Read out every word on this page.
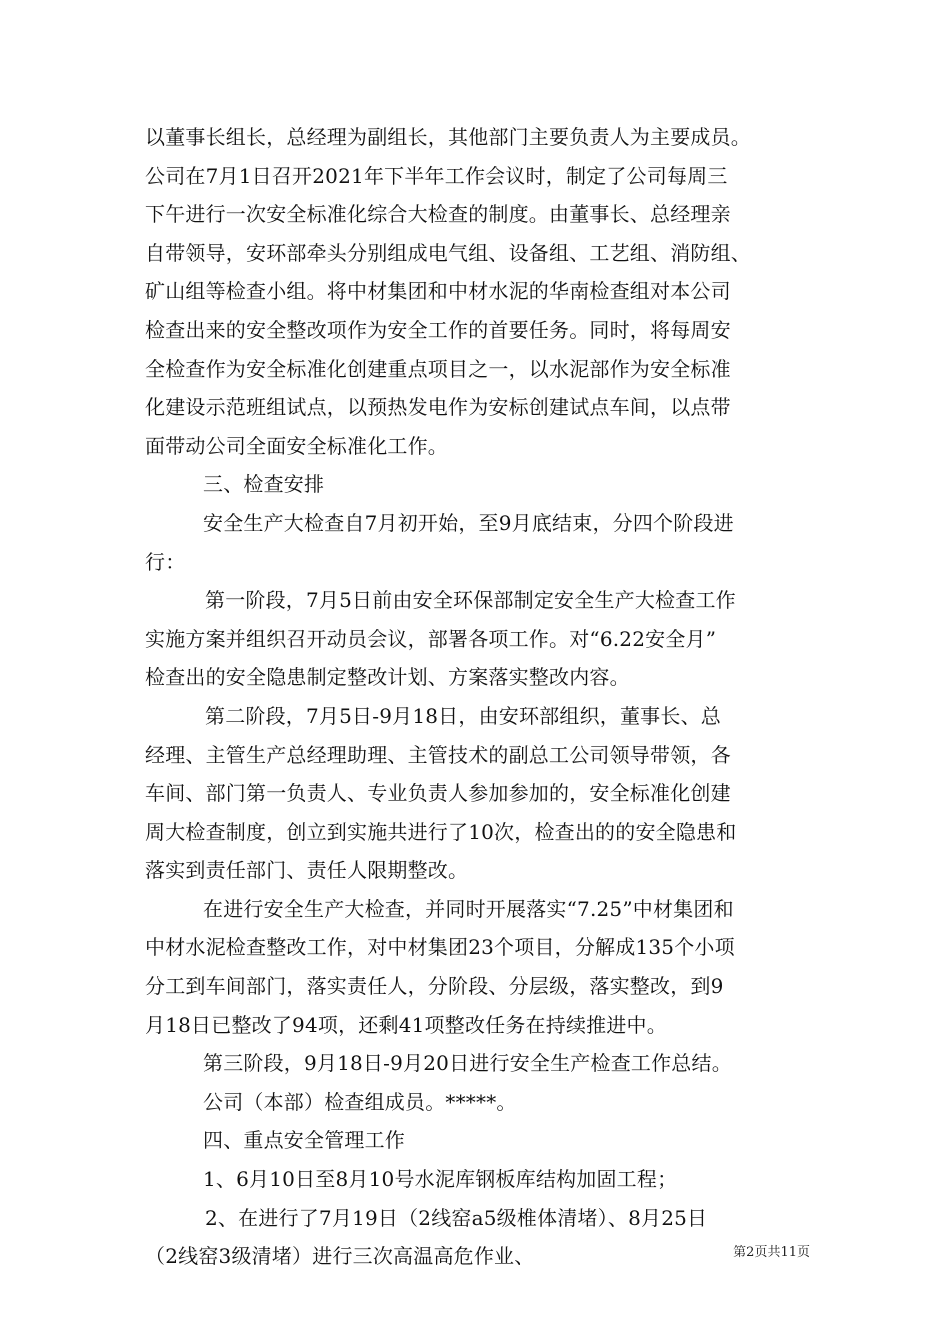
以董事长组长，总经理为副组长，其他部门主要负责人为主要成员。
公司在7月1日召开2021年下半年工作会议时，制定了公司每周三
下午进行一次安全标准化综合大检查的制度。由董事长、总经理亲
自带领导，安环部牵头分别组成电气组、设备组、工艺组、消防组、
矿山组等检查小组。将中材集团和中材水泥的华南检查组对本公司
检查出来的安全整改项作为安全工作的首要任务。同时，将每周安
全检查作为安全标准化创建重点项目之一，以水泥部作为安全标准
化建设示范班组试点，以预热发电作为安标创建试点车间，以点带
面带动公司全面安全标准化工作。
三、检查安排
安全生产大检查自7月初开始，至9月底结束，分四个阶段进
行：
第一阶段，7月5日前由安全环保部制定安全生产大检查工作
实施方案并组织召开动员会议，部署各项工作。对“6.22安全月”
检查出的安全隐患制定整改计划、方案落实整改内容。
第二阶段，7月5日-9月18日，由安环部组织，董事长、总
经理、主管生产总经理助理、主管技术的副总工公司领导带领，各
车间、部门第一负责人、专业负责人参加参加的，安全标准化创建
周大检查制度，创立到实施共进行了10次，检查出的的安全隐患和
落实到责任部门、责任人限期整改。
在进行安全生产大检查，并同时开展落实“7.25”中材集团和
中材水泥检查整改工作，对中材集团23个项目，分解成135个小项
分工到车间部门，落实责任人，分阶段、分层级，落实整改，到9
月18日已整改了94项，还剩41项整改任务在持续推进中。
第三阶段，9月18日-9月20日进行安全生产检查工作总结。
公司（本部）检查组成员。*****。
四、重点安全管理工作
1、6月10日至8月10号水泥库钢板库结构加固工程；
2、在进行了7月19日（2线窑a5级椎体清堵）、8月25日
（2线窑3级清堵）进行三次高温高危作业、	第2页共11页
